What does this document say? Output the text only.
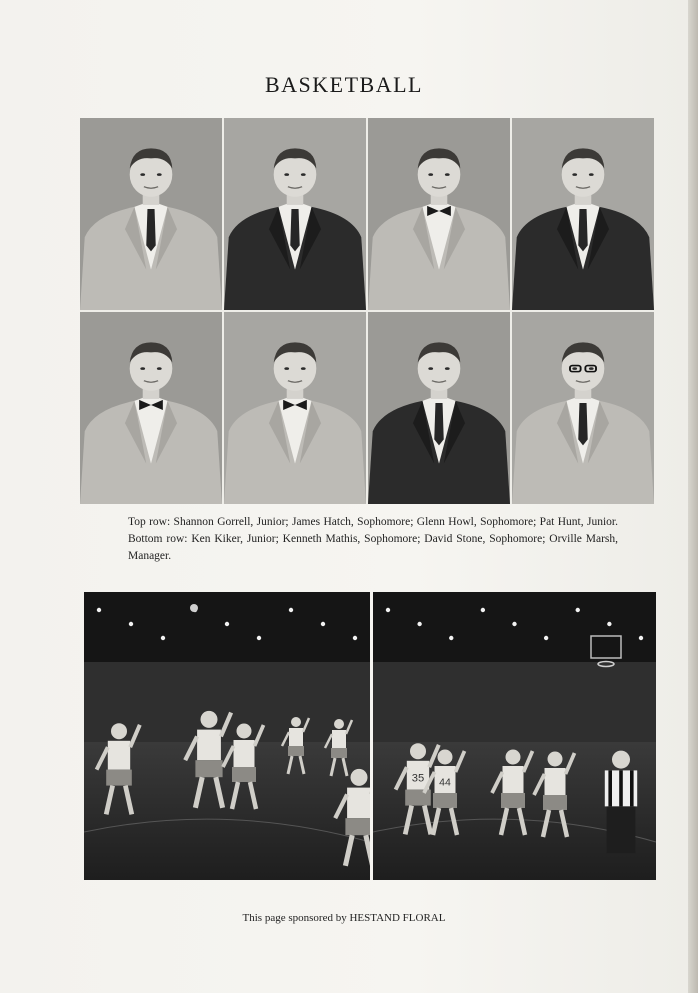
BASKETBALL
Top row: Shannon Gorrell, Junior; James Hatch, Sophomore; Glenn Howl, Sophomore; Pat Hunt, Junior. Bottom row: Ken Kiker, Junior; Kenneth Mathis, Sophomore; David Stone, Sophomore; Orville Marsh, Manager.
35 44
This page sponsored by HESTAND FLORAL
